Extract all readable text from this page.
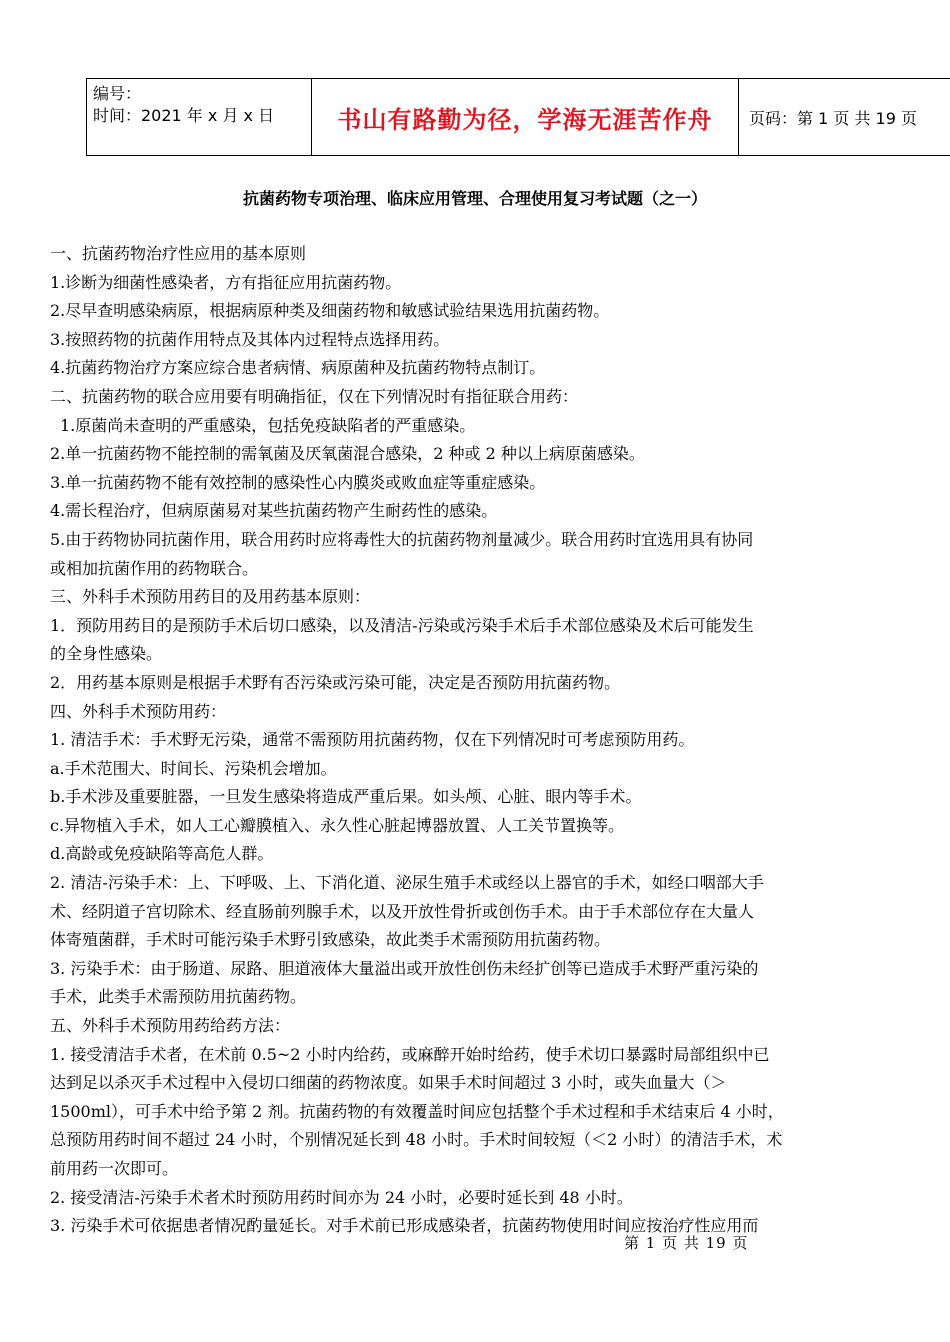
编号：
时间：2021 年 x 月 x 日	书山有路勤为径，学海无涯苦作舟 页码：第 1 页 共 19 页
抗菌药物专项治理、临床应用管理、合理使用复习考试题（之一）

一、抗菌药物治疗性应用的基本原则

1.诊断为细菌性感染者，方有指征应用抗菌药物。

2.尽早查明感染病原，根据病原种类及细菌药物和敏感试验结果选用抗菌药物。

3.按照药物的抗菌作用特点及其体内过程特点选择用药。

4.抗菌药物治疗方案应综合患者病情、病原菌种及抗菌药物特点制订。

二、抗菌药物的联合应用要有明确指征，仅在下列情况时有指征联合用药：

1.原菌尚未查明的严重感染，包括免疫缺陷者的严重感染。

2.单一抗菌药物不能控制的需氧菌及厌氧菌混合感染，2 种或 2 种以上病原菌感染。

3.单一抗菌药物不能有效控制的感染性心内膜炎或败血症等重症感染。

4.需长程治疗，但病原菌易对某些抗菌药物产生耐药性的感染。

5.由于药物协同抗菌作用，联合用药时应将毒性大的抗菌药物剂量减少。联合用药时宜选用具有协同

或相加抗菌作用的药物联合。

三、外科手术预防用药目的及用药基本原则：

1．预防用药目的是预防手术后切口感染，以及清洁-污染或污染手术后手术部位感染及术后可能发生

的全身性感染。

2．用药基本原则是根据手术野有否污染或污染可能，决定是否预防用抗菌药物。

四、外科手术预防用药：

1. 清洁手术：手术野无污染，通常不需预防用抗菌药物，仅在下列情况时可考虑预防用药。

a.手术范围大、时间长、污染机会增加。

b.手术涉及重要脏器，一旦发生感染将造成严重后果。如头颅、心脏、眼内等手术。

c.异物植入手术，如人工心瓣膜植入、永久性心脏起博器放置、人工关节置换等。

d.高龄或免疫缺陷等高危人群。

2. 清洁-污染手术：上、下呼吸、上、下消化道、泌尿生殖手术或经以上器官的手术，如经口咽部大手

术、经阴道子宫切除术、经直肠前列腺手术，以及开放性骨折或创伤手术。由于手术部位存在大量人

体寄殖菌群，手术时可能污染手术野引致感染，故此类手术需预防用抗菌药物。

3. 污染手术：由于肠道、尿路、胆道液体大量溢出或开放性创伤未经扩创等已造成手术野严重污染的

手术，此类手术需预防用抗菌药物。

五、外科手术预防用药给药方法：

1. 接受清洁手术者，在术前 0.5~2 小时内给药，或麻醉开始时给药，使手术切口暴露时局部组织中已

达到足以杀灭手术过程中入侵切口细菌的药物浓度。如果手术时间超过 3 小时，或失血量大（＞

1500ml），可手术中给予第 2 剂。抗菌药物的有效覆盖时间应包括整个手术过程和手术结束后 4 小时，

总预防用药时间不超过 24 小时，个别情况延长到 48 小时。手术时间较短（＜2 小时）的清洁手术，术

前用药一次即可。

2. 接受清洁-污染手术者术时预防用药时间亦为 24 小时，必要时延长到 48 小时。

3. 污染手术可依据患者情况酌量延长。对手术前已形成感染者，抗菌药物使用时间应按治疗性应用而

第 1 页 共 19 页
